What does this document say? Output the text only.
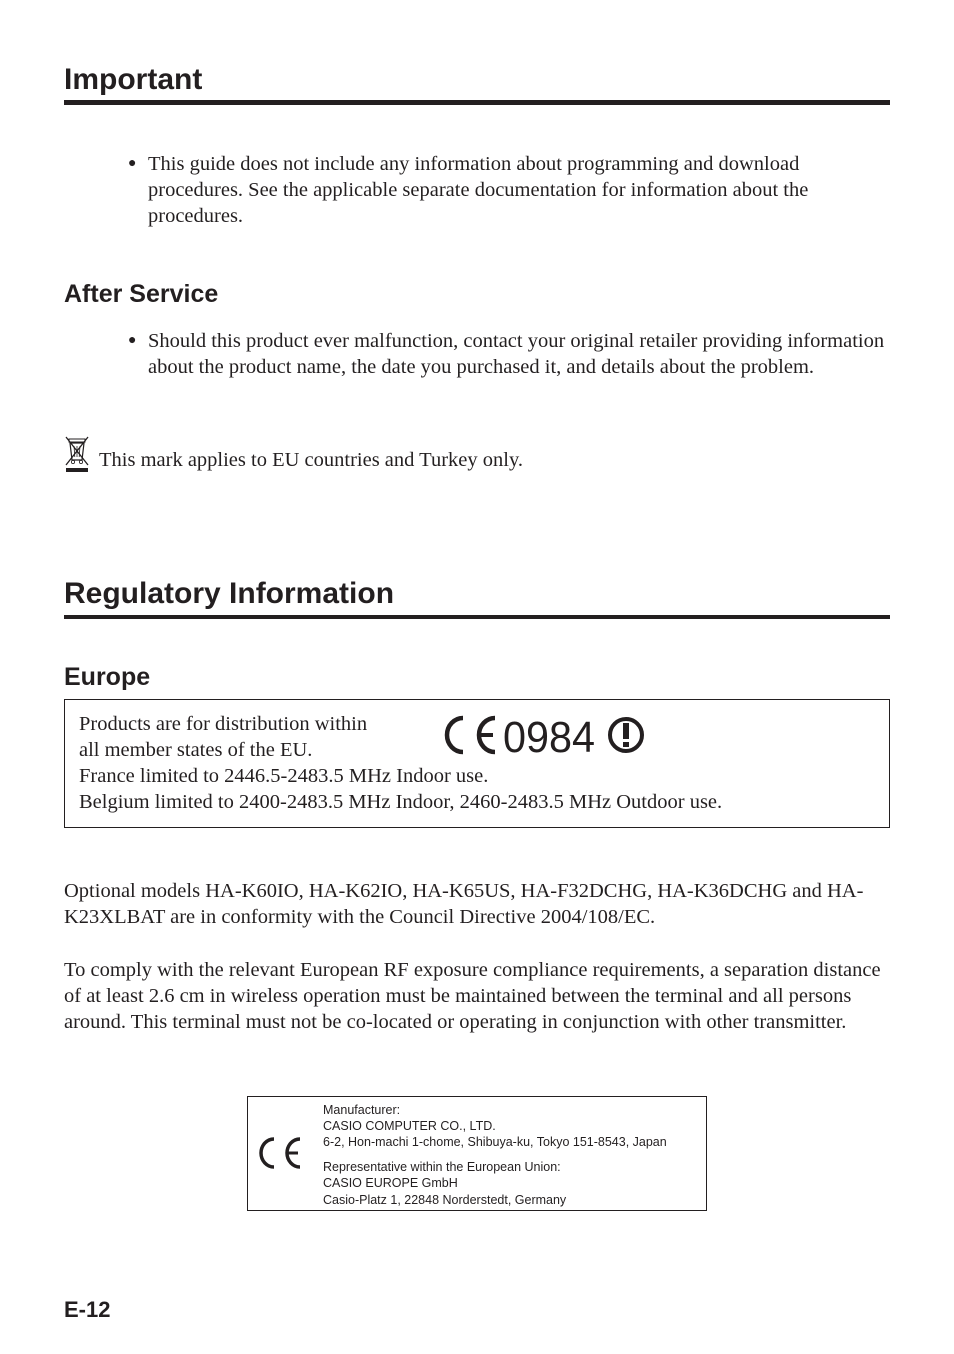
Important
● This guide does not include any information about programming and download procedures. See the applicable separate documentation for information about the procedures.
After Service
● Should this product ever malfunction, contact your original retailer providing information about the product name, the date you purchased it, and details about the problem.
This mark applies to EU countries and Turkey only.
Regulatory Information
Europe
Products are for distribution within
all member states of the EU.
France limited to 2446.5-2483.5 MHz Indoor use.
Belgium limited to 2400-2483.5 MHz Indoor, 2460-2483.5 MHz Outdoor use.
0984
Optional models HA-K60IO, HA-K62IO, HA-K65US, HA-F32DCHG, HA-K36DCHG and HA-K23XLBAT are in conformity with the Council Directive 2004/108/EC.
To comply with the relevant European RF exposure compliance requirements, a separation distance of at least 2.6 cm in wireless operation must be maintained between the terminal and all persons around. This terminal must not be co-located or operating in conjunction with other transmitter.
Manufacturer:
CASIO COMPUTER CO., LTD.
6-2, Hon-machi 1-chome, Shibuya-ku, Tokyo 151-8543, Japan
Representative within the European Union:
CASIO EUROPE GmbH
Casio-Platz 1, 22848 Norderstedt, Germany
E-12
